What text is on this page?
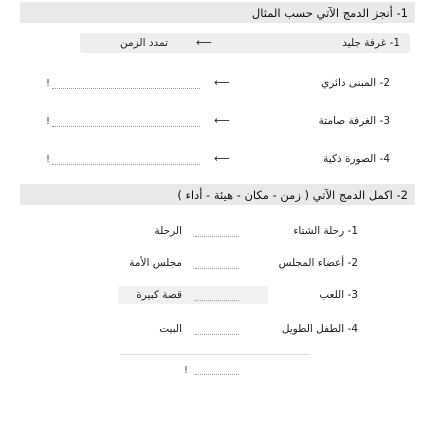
1- أنجز الدمج الآتي حسب المثال
1- غرفة جليد
⟵
تمدد الزمن
2- المبنى دائري
⟵
!
3- الغرفة صامتة
⟵
!
4- الصورة ذكية
⟵
!
2- اكمل الدمج الآتي ( زمن - مكان - هيئة - أداء )
1- رحلة الشتاء
الرحلة
2- أعضاء المجلس
مجلس الأمة
3- اللعب
قصة كبيرة
4- الطفل الطويل
البيت
!
